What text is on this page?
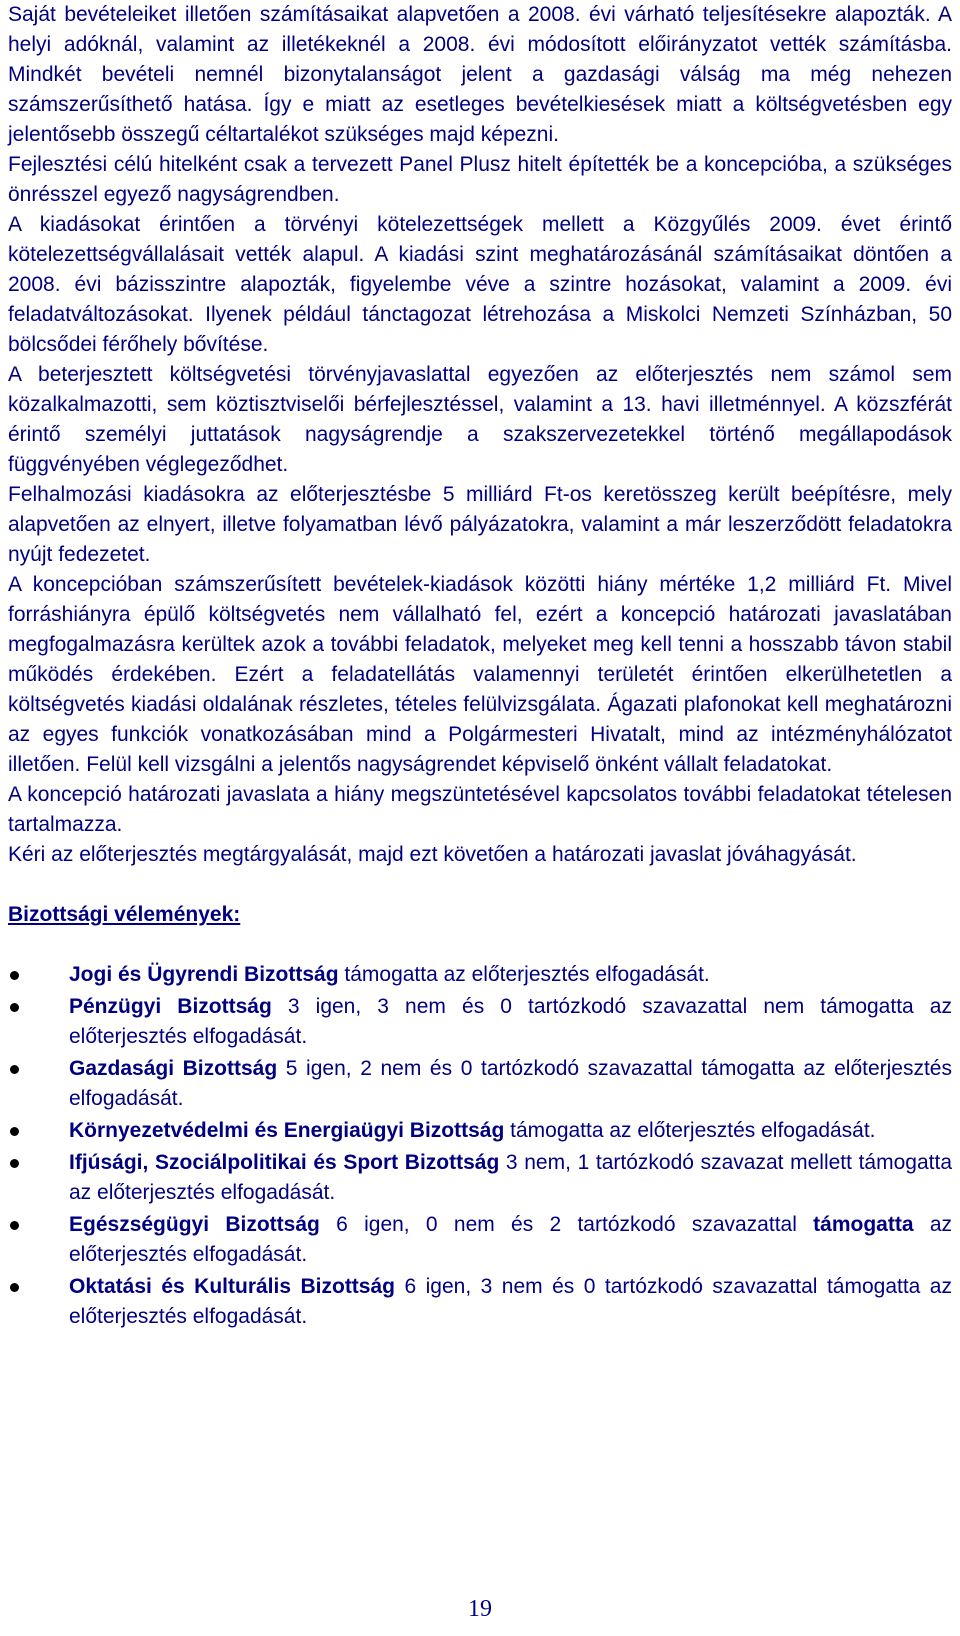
Saját bevételeiket illetően számításaikat alapvetően a 2008. évi várható teljesítésekre alapozták. A helyi adóknál, valamint az illetékeknél a 2008. évi módosított előirányzatot vették számításba. Mindkét bevételi nemnél bizonytalanságot jelent a gazdasági válság ma még nehezen számszerűsíthető hatása. Így e miatt az esetleges bevételkiesések miatt a költségvetésben egy jelentősebb összegű céltartalékot szükséges majd képezni.

Fejlesztési célú hitelként csak a tervezett Panel Plusz hitelt építették be a koncepcióba, a szükséges önrésszel egyező nagyságrendben.

A kiadásokat érintően a törvényi kötelezettségek mellett a Közgyűlés 2009. évet érintő kötelezettségvállalásait vették alapul. A kiadási szint meghatározásánál számításaikat döntően a 2008. évi bázisszintre alapozták, figyelembe véve a szintre hozásokat, valamint a 2009. évi feladatváltozásokat. Ilyenek például tánctagozat létrehozása a Miskolci Nemzeti Színházban, 50 bölcsődei férőhely bővítése.

A beterjesztett költségvetési törvényjavaslattal egyezően az előterjesztés nem számol sem közalkalmazotti, sem köztisztviselői bérfejlesztéssel, valamint a 13. havi illetménnyel. A közszférát érintő személyi juttatások nagyságrendje a szakszervezetekkel történő megállapodások függvényében véglegeződhet.

Felhalmozási kiadásokra az előterjesztésbe 5 milliárd Ft-os keretösszeg került beépítésre, mely alapvetően az elnyert, illetve folyamatban lévő pályázatokra, valamint a már leszerződött feladatokra nyújt fedezetet.

A koncepcióban számszerűsített bevételek-kiadások közötti hiány mértéke 1,2 milliárd Ft. Mivel forráshiányra épülő költségvetés nem vállalható fel, ezért a koncepció határozati javaslatában megfogalmazásra kerültek azok a további feladatok, melyeket meg kell tenni a hosszabb távon stabil működés érdekében. Ezért a feladatellátás valamennyi területét érintően elkerülhetetlen a költségvetés kiadási oldalának részletes, tételes felülvizsgálata. Ágazati plafonokat kell meghatározni az egyes funkciók vonatkozásában mind a Polgármesteri Hivatalt, mind az intézményhálózatot illetően. Felül kell vizsgálni a jelentős nagyságrendet képviselő önként vállalt feladatokat.

A koncepció határozati javaslata a hiány megszüntetésével kapcsolatos további feladatokat tételesen tartalmazza.

Kéri az előterjesztés megtárgyalását, majd ezt követően a határozati javaslat jóváhagyását.

Bizottsági vélemények:

Jogi és Ügyrendi Bizottság támogatta az előterjesztés elfogadását.
Pénzügyi Bizottság 3 igen, 3 nem és 0 tartózkodó szavazattal nem támogatta az előterjesztés elfogadását.
Gazdasági Bizottság 5 igen, 2 nem és 0 tartózkodó szavazattal támogatta az előterjesztés elfogadását.
Környezetvédelmi és Energiaügyi Bizottság támogatta az előterjesztés elfogadását.
Ifjúsági, Szociálpolitikai és Sport Bizottság 3 nem, 1 tartózkodó szavazat mellett támogatta az előterjesztés elfogadását.
Egészségügyi Bizottság 6 igen, 0 nem és 2 tartózkodó szavazattal támogatta az előterjesztés elfogadását.
Oktatási és Kulturális Bizottság 6 igen, 3 nem és 0 tartózkodó szavazattal támogatta az előterjesztés elfogadását.
19
